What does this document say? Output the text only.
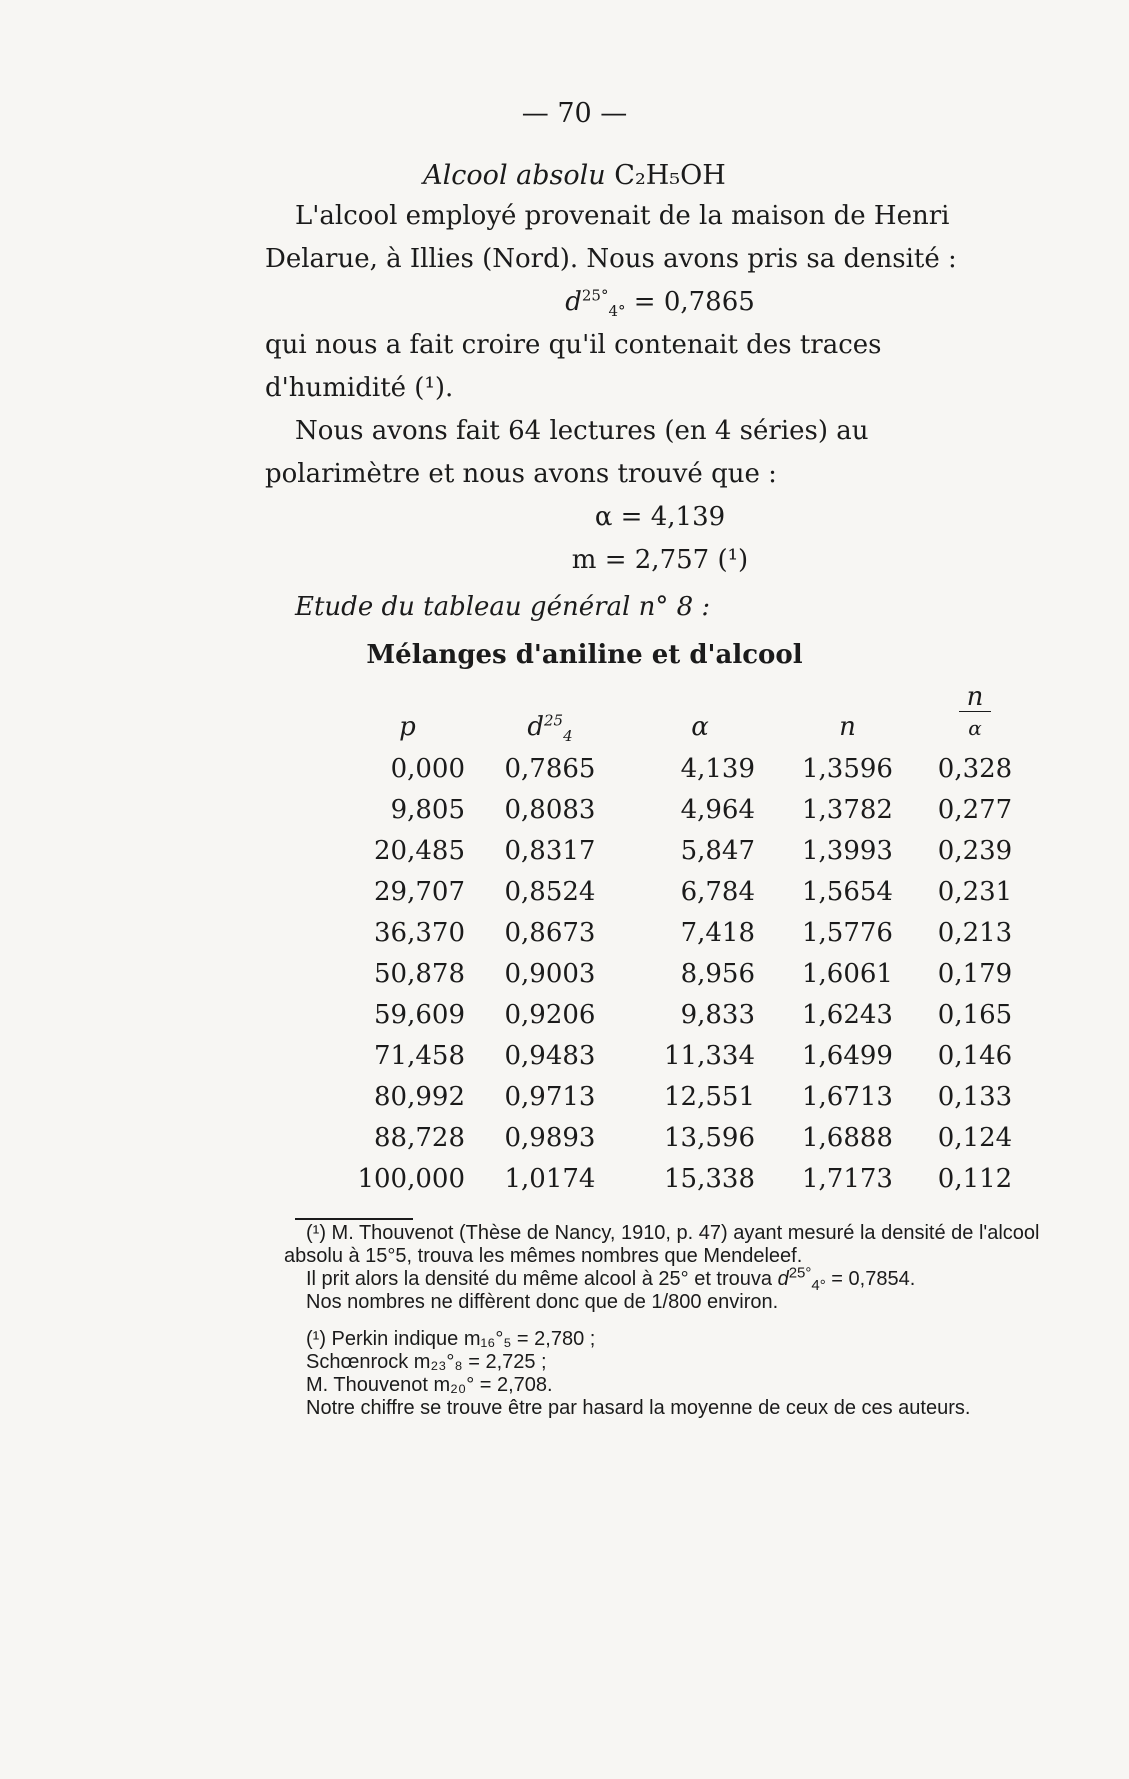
— 70 —
Alcool absolu C₂H₅OH

L'alcool employé provenait de la maison de Henri Delarue, à Illies (Nord). Nous avons pris sa densité :

$d^{25^\circ}_{4^\circ} = 0,7865$

qui nous a fait croire qu'il contenait des traces d'humidité (¹).

Nous avons fait 64 lectures (en 4 séries) au polarimètre et nous avons trouvé que :

α = 4,139

m = 2,757 (¹)

Etude du tableau général n° 8 :
Mélanges d'aniline et d'alcool
p	$d^{25}_4$	α	n	$\frac{n}{\alpha}$

0,000	0,7865	4,139	1,3596	0,328
9,805	0,8083	4,964	1,3782	0,277
20,485	0,8317	5,847	1,3993	0,239
29,707	0,8524	6,784	1,5654	0,231
36,370	0,8673	7,418	1,5776	0,213
50,878	0,9003	8,956	1,6061	0,179
59,609	0,9206	9,833	1,6243	0,165
71,458	0,9483	11,334	1,6499	0,146
80,992	0,9713	12,551	1,6713	0,133
88,728	0,9893	13,596	1,6888	0,124
100,000	1,0174	15,338	1,7173	0,112

(¹) M. Thouvenot (Thèse de Nancy, 1910, p. 47) ayant mesuré la densité de l'alcool absolu à 15°5, trouva les mêmes nombres que Mendeleef.

Il prit alors la densité du même alcool à 25° et trouva $d^{25^\circ}_{4^\circ} = 0,7854$.

Nos nombres ne diffèrent donc que de 1/800 environ.

(¹) Perkin indique m₁₆°₅ = 2,780 ;

Schœnrock m₂₃°₈ = 2,725 ;

M. Thouvenot m₂₀° = 2,708.

Notre chiffre se trouve être par hasard la moyenne de ceux de ces auteurs.
